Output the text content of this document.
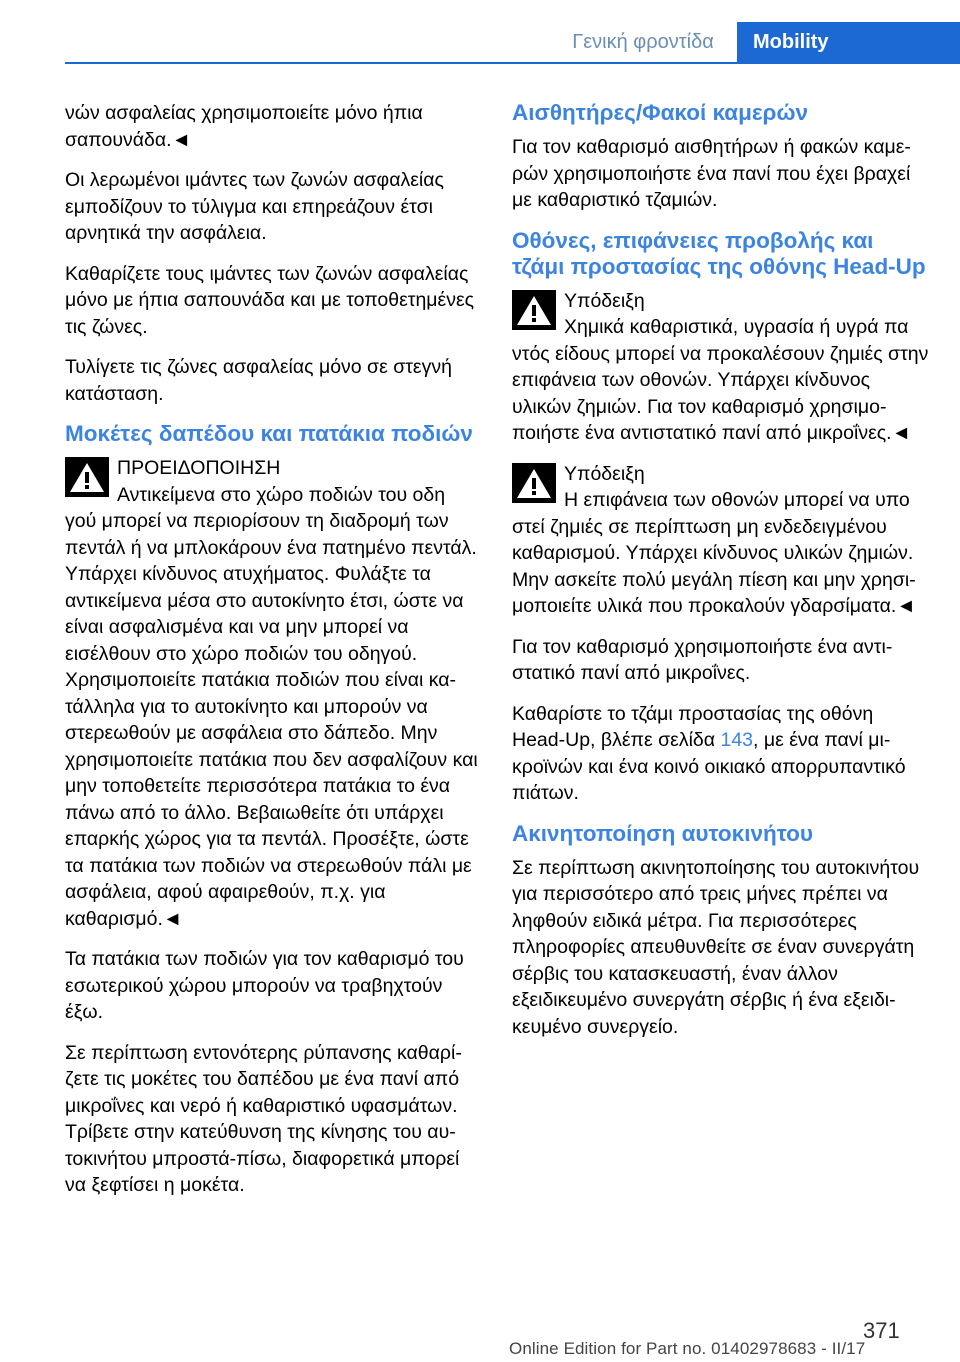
Γενική φροντίδα	Mobility

νών ασφαλείας χρησιμοποιείτε μόνο ήπια σαπουνάδα.◄

Οι λερωμένοι ιμάντες των ζωνών ασφαλείας εμποδίζουν το τύλιγμα και επηρεάζουν έτσι αρνητικά την ασφάλεια.

Καθαρίζετε τους ιμάντες των ζωνών ασφαλείας μόνο με ήπια σαπουνάδα και με τοποθετημένες τις ζώνες.

Τυλίγετε τις ζώνες ασφαλείας μόνο σε στεγνή κατάσταση.

Μοκέτες δαπέδου και πατάκια ποδιών
ΠΡΟΕΙΔΟΠΟΙΗΣΗ
Αντικείμενα στο χώρο ποδιών του οδη
γού μπορεί να περιορίσουν τη διαδρομή των πεντάλ ή να μπλοκάρουν ένα πατημένο πεντάλ. Υπάρχει κίνδυνος ατυχήματος. Φυλάξτε τα αντικείμενα μέσα στο αυτοκίνητο έτσι, ώστε να είναι ασφαλισμένα και να μην μπορεί να εισέλθουν στο χώρο ποδιών του οδηγού. Χρησιμοποιείτε πατάκια ποδιών που είναι κατάλληλα για το αυτοκίνητο και μπορούν να στερεωθούν με ασφάλεια στο δάπεδο. Μην χρησιμοποιείτε πατάκια που δεν ασφαλίζουν και μην τοποθετείτε περισσότερα πατάκια το ένα πάνω από το άλλο. Βεβαιωθείτε ότι υπάρχει επαρκής χώρος για τα πεντάλ. Προσέξτε, ώστε τα πατάκια των ποδιών να στερεωθούν πάλι με ασφάλεια, αφού αφαιρεθούν, π.χ. για καθαρισμό.◄

Τα πατάκια των ποδιών για τον καθαρισμό του εσωτερικού χώρου μπορούν να τραβηχτούν έξω.

Σε περίπτωση εντονότερης ρύπανσης καθαρίζετε τις μοκέτες του δαπέδου με ένα πανί από μικροΐνες και νερό ή καθαριστικό υφασμάτων. Τρίβετε στην κατεύθυνση της κίνησης του αυτοκινήτου μπροστά-πίσω, διαφορετικά μπορεί να ξεφτίσει η μοκέτα.

Αισθητήρες/Φακοί καμερών

Για τον καθαρισμό αισθητήρων ή φακών καμερών χρησιμοποιήστε ένα πανί που έχει βραχεί με καθαριστικό τζαμιών.

Οθόνες, επιφάνειες προβολής και τζάμι προστασίας της οθόνης Head-Up
Υπόδειξη
Χημικά καθαριστικά, υγρασία ή υγρά πα
ντός είδους μπορεί να προκαλέσουν ζημιές στην επιφάνεια των οθονών. Υπάρχει κίνδυνος υλικών ζημιών. Για τον καθαρισμό χρησιμοποιήστε ένα αντιστατικό πανί από μικροΐνες.◄
Υπόδειξη
Η επιφάνεια των οθονών μπορεί να υπο
στεί ζημιές σε περίπτωση μη ενδεδειγμένου καθαρισμού. Υπάρχει κίνδυνος υλικών ζημιών. Μην ασκείτε πολύ μεγάλη πίεση και μην χρησιμοποιείτε υλικά που προκαλούν γδαρσίματα.◄

Για τον καθαρισμό χρησιμοποιήστε ένα αντιστατικό πανί από μικροΐνες.

Καθαρίστε το τζάμι προστασίας της οθόνη Head-Up, βλέπε σελίδα 143, με ένα πανί μικροϊνών και ένα κοινό οικιακό απορρυπαντικό πιάτων.

Ακινητοποίηση αυτοκινήτου

Σε περίπτωση ακινητοποίησης του αυτοκινήτου για περισσότερο από τρεις μήνες πρέπει να ληφθούν ειδικά μέτρα. Για περισσότερες πληροφορίες απευθυνθείτε σε έναν συνεργάτη σέρβις του κατασκευαστή, έναν άλλον εξειδικευμένο συνεργάτη σέρβις ή ένα εξειδικευμένο συνεργείο.

371
Online Edition for Part no. 01402978683 - II/17
